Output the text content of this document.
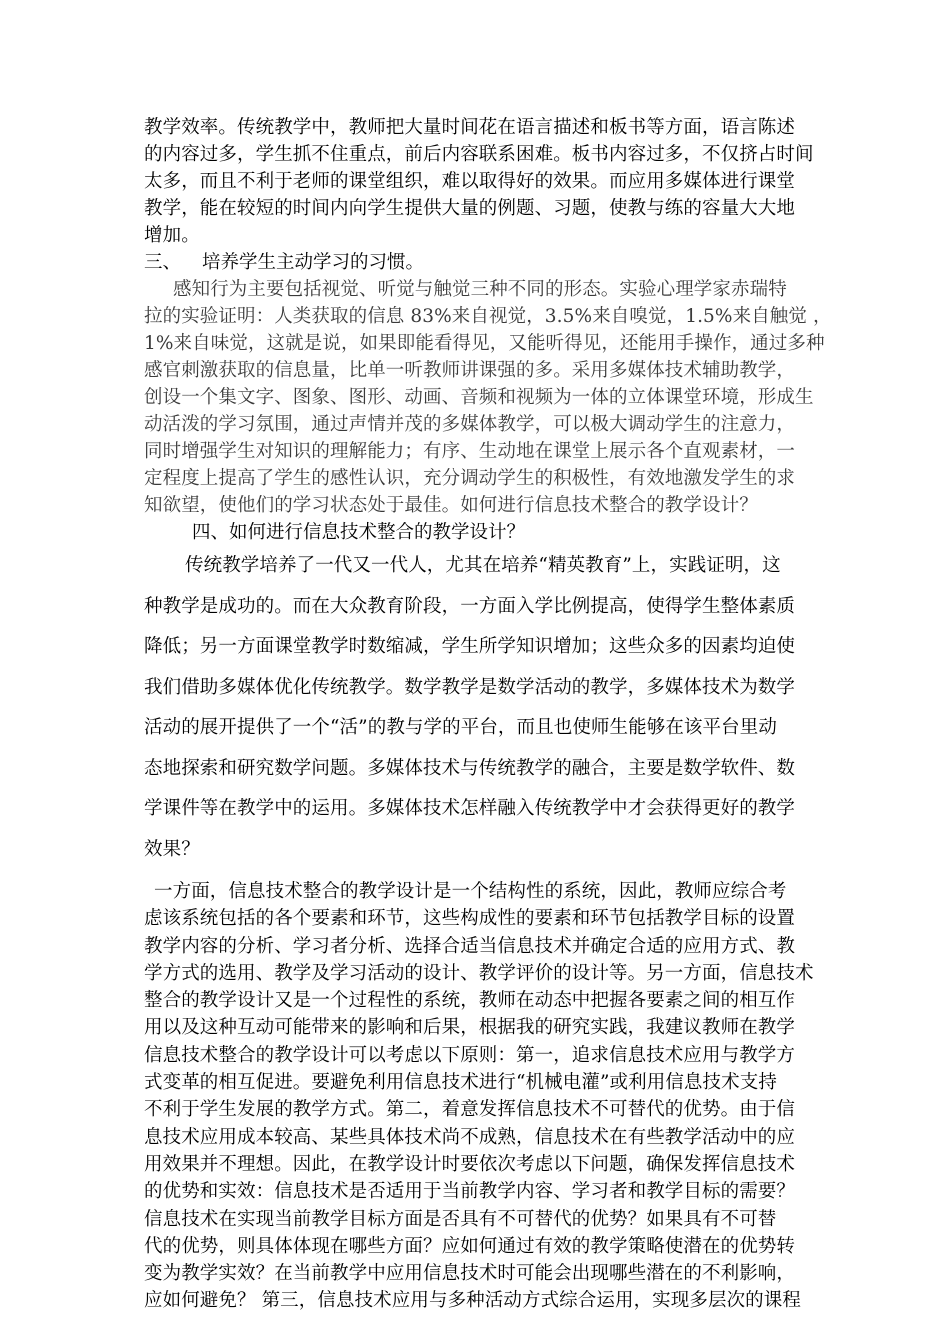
教学效率。传统教学中，教师把大量时间花在语言描述和板书等方面，语言陈述
的内容过多，学生抓不住重点，前后内容联系困难。板书内容过多，不仅挤占时间
太多，而且不利于老师的课堂组织，难以取得好的效果。而应用多媒体进行课堂
教学，能在较短的时间内向学生提供大量的例题、习题，使教与练的容量大大地
增加。
三、 培养学生主动学习的习惯。
感知行为主要包括视觉、听觉与触觉三种不同的形态。实验心理学家赤瑞特
拉的实验证明：人类获取的信息 83%来自视觉，3.5%来自嗅觉，1.5%来自触觉 ，
1%来自味觉，这就是说，如果即能看得见，又能听得见，还能用手操作，通过多种
感官刺激获取的信息量，比单一听教师讲课强的多。采用多媒体技术辅助教学，
创设一个集文字、图象、图形、动画、音频和视频为一体的立体课堂环境，形成生
动活泼的学习氛围，通过声情并茂的多媒体教学，可以极大调动学生的注意力，
同时增强学生对知识的理解能力；有序、生动地在课堂上展示各个直观素材，一
定程度上提高了学生的感性认识，充分调动学生的积极性，有效地激发学生的求
知欲望，使他们的学习状态处于最佳。如何进行信息技术整合的教学设计？
四、如何进行信息技术整合的教学设计？
传统教学培养了一代又一代人，尤其在培养“精英教育”上，实践证明，这
种教学是成功的。而在大众教育阶段，一方面入学比例提高，使得学生整体素质
降低；另一方面课堂教学时数缩减，学生所学知识增加；这些众多的因素均迫使
我们借助多媒体优化传统教学。数学教学是数学活动的教学，多媒体技术为数学
活动的展开提供了一个“活”的教与学的平台，而且也使师生能够在该平台里动
态地探索和研究数学问题。多媒体技术与传统教学的融合，主要是数学软件、数
学课件等在教学中的运用。多媒体技术怎样融入传统教学中才会获得更好的教学
效果？
一方面，信息技术整合的教学设计是一个结构性的系统，因此，教师应综合考
虑该系统包括的各个要素和环节，这些构成性的要素和环节包括教学目标的设置
教学内容的分析、学习者分析、选择合适当信息技术并确定合适的应用方式、教
学方式的选用、教学及学习活动的设计、教学评价的设计等。另一方面，信息技术
整合的教学设计又是一个过程性的系统，教师在动态中把握各要素之间的相互作
用以及这种互动可能带来的影响和后果，根据我的研究实践，我建议教师在教学
信息技术整合的教学设计可以考虑以下原则：第一，追求信息技术应用与教学方
式变革的相互促进。要避免利用信息技术进行“机械电灌”或利用信息技术支持
不利于学生发展的教学方式。第二，着意发挥信息技术不可替代的优势。由于信
息技术应用成本较高、某些具体技术尚不成熟，信息技术在有些教学活动中的应
用效果并不理想。因此，在教学设计时要依次考虑以下问题，确保发挥信息技术
的优势和实效：信息技术是否适用于当前教学内容、学习者和教学目标的需要？
信息技术在实现当前教学目标方面是否具有不可替代的优势？如果具有不可替
代的优势，则具体体现在哪些方面？应如何通过有效的教学策略使潜在的优势转
变为教学实效？在当前教学中应用信息技术时可能会出现哪些潜在的不利影响，
应如何避免？ 第三，信息技术应用与多种活动方式综合运用，实现多层次的课程
